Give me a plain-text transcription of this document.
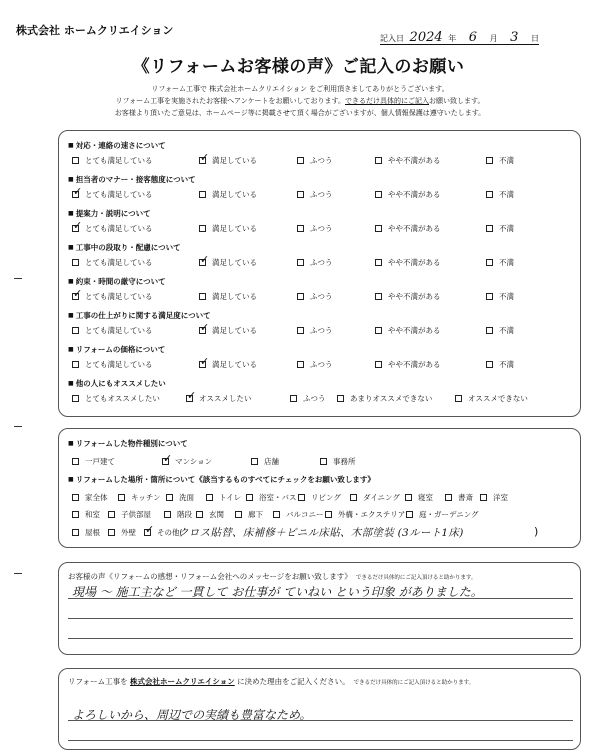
株式会社 ホームクリエイション
記入日 2024 年 6 月 3 日
《リフォームお客様の声》ご記入のお願い
リフォーム工事で 株式会社ホームクリエイション をご利用頂きましてありがとうございます。
リフォーム工事を実施されたお客様へアンケートをお願いしております。できるだけ具体的にご記入お願い致します。
お客様より頂いたご意見は、ホームページ等に掲載させて頂く場合がございますが、個人情報保護は遵守いたします。
■ 対応・連絡の速さについて
とても満足している ✓	満足している	ふつう	やや不満がある	不満
■ 担当者のマナー・接客態度について
✓とても満足している	満足している	ふつう	やや不満がある	不満
■ 提案力・説明について
✓とても満足している	満足している	ふつう	やや不満がある	不満
■ 工事中の段取り・配慮について
とても満足している ✓	満足している	ふつう	やや不満がある	不満
■ 約束・時間の厳守について
✓とても満足している	満足している	ふつう	やや不満がある	不満
■ 工事の仕上がりに関する満足度について
とても満足している ✓	満足している	ふつう	やや不満がある	不満
■ リフォームの価格について
とても満足している ✓	満足している	ふつう	やや不満がある	不満
■ 他の人にもオススメしたい
とてもオススメしたい ✓	オススメしたい	ふつう	あまりオススメできない	オススメできない
■ リフォームした物件種別について
一戸建て ✓	マンション	店舗	事務所
■ リフォームした場所・箇所について《該当するものすべてにチェックをお願い致します》
家全体	キッチン	洗面	トイレ	浴室・バス	リビング	ダイニング	寝室	書斎	洋室
和室	子供部屋	階段	玄関	廊下	バルコニー	外構・エクステリア	庭・ガーデニング
屋根	外壁 ✓	その他(
クロス貼替、床補修＋ビニル床貼、木部塗装 (3ルート1床)	)
お客様の声《リフォームの感想・リフォーム会社へのメッセージをお願い致します》 できるだけ具体的にご記入頂けると助かります。
現場 ～ 施工主など 一貫して お仕事が ていねい という印象 がありました。
リフォーム工事を 株式会社ホームクリエイション に決めた理由をご記入ください。 できるだけ具体的にご記入頂けると助かります。
よろしいから、周辺での実績も豊富なため。
